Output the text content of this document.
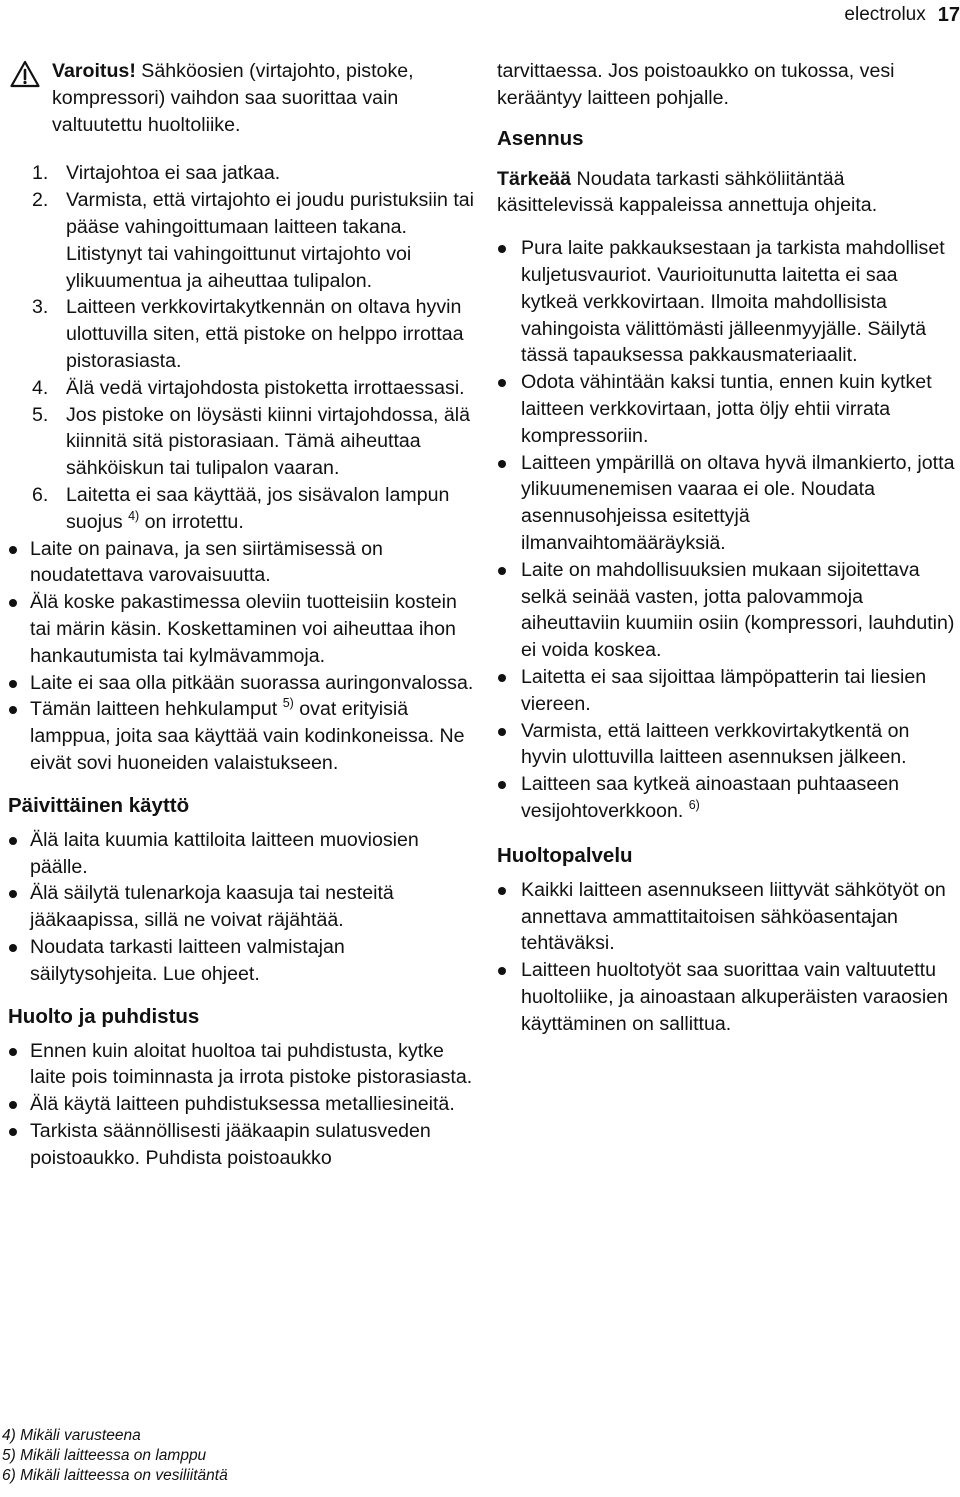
electrolux 17
Varoitus! Sähköosien (virtajohto, pistoke, kompressori) vaihdon saa suorittaa vain valtuutettu huoltoliike.
1. Virtajohtoa ei saa jatkaa.
2. Varmista, että virtajohto ei joudu puristuksiin tai pääse vahingoittumaan laitteen takana. Litistynyt tai vahingoittunut virtajohto voi ylikuumentua ja aiheuttaa tulipalon.
3. Laitteen verkkovirtakytkennän on oltava hyvin ulottuvilla siten, että pistoke on helppo irrottaa pistorasiasta.
4. Älä vedä virtajohdosta pistoketta irrottaessasi.
5. Jos pistoke on löysästi kiinni virtajohdossa, älä kiinnitä sitä pistorasiaan. Tämä aiheuttaa sähköiskun tai tulipalon vaaran.
6. Laitetta ei saa käyttää, jos sisävalon lampun suojus $^{4)}$ on irrotettu.
Laite on painava, ja sen siirtämisessä on noudatettava varovaisuutta.
Älä koske pakastimessa oleviin tuotteisiin kostein tai märin käsin. Koskettaminen voi aiheuttaa ihon hankautumista tai kylmävammoja.
Laite ei saa olla pitkään suorassa auringonvalossa.
Tämän laitteen hehkulamput $^{5)}$ ovat erityisiä lamppua, joita saa käyttää vain kodinkoneissa. Ne eivät sovi huoneiden valaistukseen.
Päivittäinen käyttö
Älä laita kuumia kattiloita laitteen muoviosien päälle.
Älä säilytä tulenarkoja kaasuja tai nesteitä jääkaapissa, sillä ne voivat räjähtää.
Noudata tarkasti laitteen valmistajan säilytysohjeita. Lue ohjeet.
Huolto ja puhdistus
Ennen kuin aloitat huoltoa tai puhdistusta, kytke laite pois toiminnasta ja irrota pistoke pistorasiasta.
Älä käytä laitteen puhdistuksessa metalliesineitä.
Tarkista säännöllisesti jääkaapin sulatusveden poistoaukko. Puhdista poistoaukko

tarvittaessa. Jos poistoaukko on tukossa, vesi kerääntyy laitteen pohjalle.

Asennus

Tärkeää Noudata tarkasti sähköliitäntää käsittelevissä kappaleissa annettuja ohjeita.

Pura laite pakkauksestaan ja tarkista mahdolliset kuljetusvauriot. Vaurioitunutta laitetta ei saa kytkeä verkkovirtaan. Ilmoita mahdollisista vahingoista välittömästi jälleenmyyjälle. Säilytä tässä tapauksessa pakkausmateriaalit.
Odota vähintään kaksi tuntia, ennen kuin kytket laitteen verkkovirtaan, jotta öljy ehtii virrata kompressoriin.
Laitteen ympärillä on oltava hyvä ilmankierto, jotta ylikuumenemisen vaaraa ei ole. Noudata asennusohjeissa esitettyjä ilmanvaihtomääräyksiä.
Laite on mahdollisuuksien mukaan sijoitettava selkä seinää vasten, jotta palovammoja aiheuttaviin kuumiin osiin (kompressori, lauhdutin) ei voida koskea.
Laitetta ei saa sijoittaa lämpöpatterin tai liesien viereen.
Varmista, että laitteen verkkovirtakytkentä on hyvin ulottuvilla laitteen asennuksen jälkeen.
Laitteen saa kytkeä ainoastaan puhtaaseen vesijohtoverkkoon. $^{6)}$
Huoltopalvelu
Kaikki laitteen asennukseen liittyvät sähkötyöt on annettava ammattitaitoisen sähköasentajan tehtäväksi.
Laitteen huoltotyöt saa suorittaa vain valtuutettu huoltoliike, ja ainoastaan alkuperäisten varaosien käyttäminen on sallittua.
4) Mikäli varusteena
5) Mikäli laitteessa on lamppu
6) Mikäli laitteessa on vesiliitäntä
